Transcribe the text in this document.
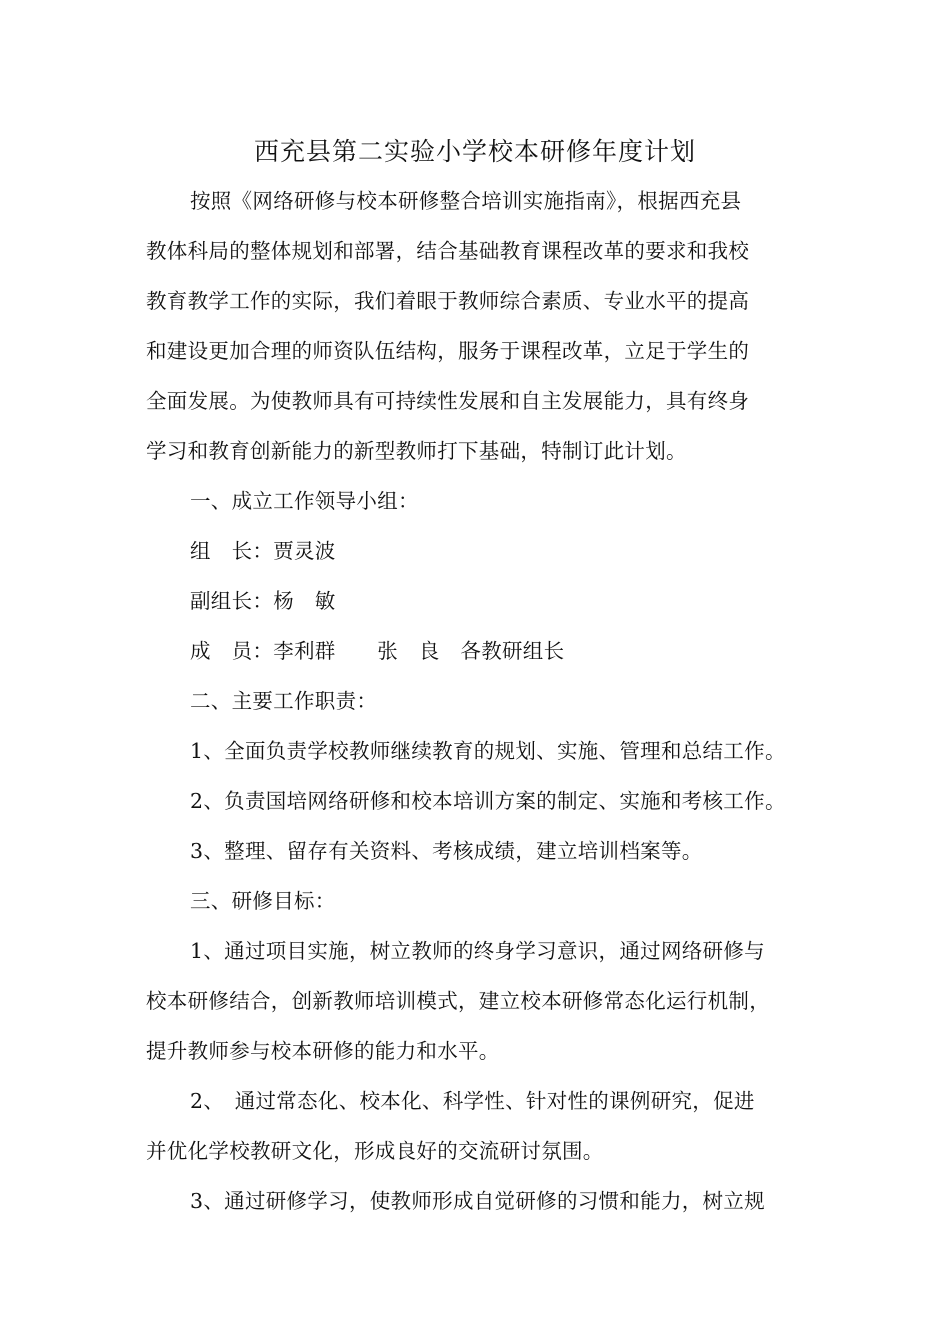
西充县第二实验小学校本研修年度计划
按照《网络研修与校本研修整合培训实施指南》，根据西充县
教体科局的整体规划和部署，结合基础教育课程改革的要求和我校
教育教学工作的实际，我们着眼于教师综合素质、专业水平的提高
和建设更加合理的师资队伍结构，服务于课程改革，立足于学生的
全面发展。为使教师具有可持续性发展和自主发展能力，具有终身
学习和教育创新能力的新型教师打下基础，特制订此计划。
一、成立工作领导小组：
组　长：贾灵波
副组长：杨　敏
成　员：李利群　　张　良　各教研组长
二、主要工作职责：
1、全面负责学校教师继续教育的规划、实施、管理和总结工作。
2、负责国培网络研修和校本培训方案的制定、实施和考核工作。
3、整理、留存有关资料、考核成绩，建立培训档案等。
三、研修目标：
1、通过项目实施，树立教师的终身学习意识，通过网络研修与
校本研修结合，创新教师培训模式，建立校本研修常态化运行机制，
提升教师参与校本研修的能力和水平。
2、　通过常态化、校本化、科学性、针对性的课例研究，促进
并优化学校教研文化，形成良好的交流研讨氛围。
3、通过研修学习，使教师形成自觉研修的习惯和能力，树立规
